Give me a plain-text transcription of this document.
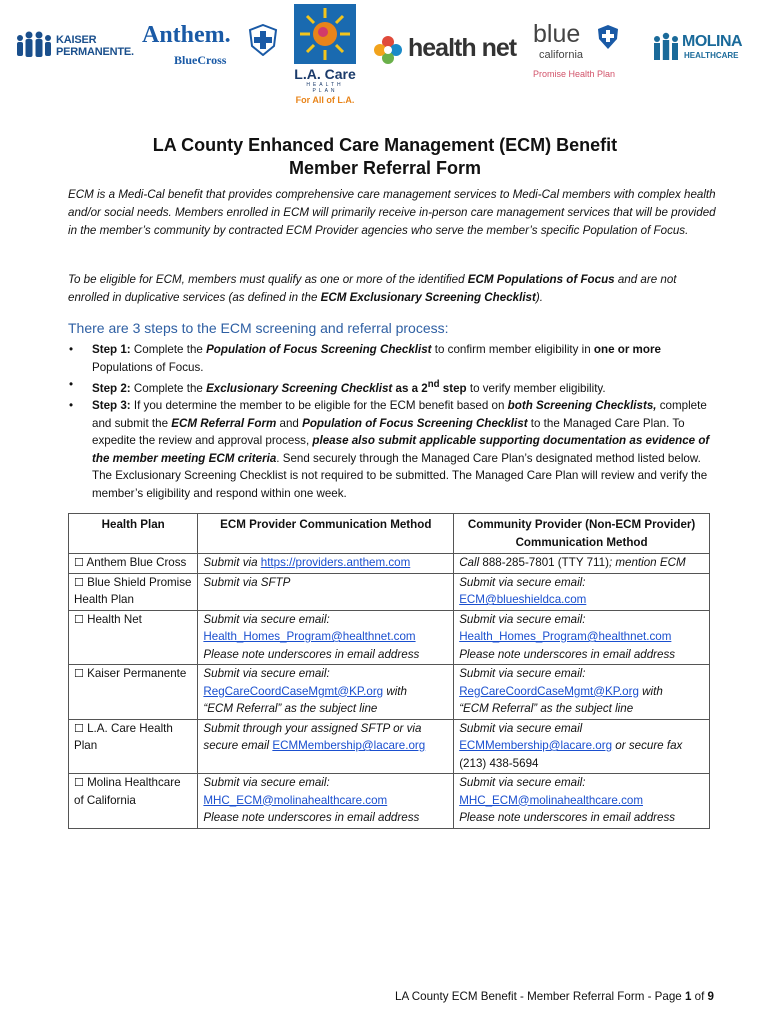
KAISER
PERMANENTE.
Anthem.
BlueCross
L.A. Care
HEALTH PLAN
For All of L.A.
health net blue
california
Promise Health Plan
MOLINA
HEALTHCARE
LA County Enhanced Care Management (ECM) Benefit
Member Referral Form

ECM is a Medi-Cal benefit that provides comprehensive care management services to Medi-Cal members with complex health and/or social needs. Members enrolled in ECM will primarily receive in-person care management services that will be provided in the member’s community by contracted ECM Provider agencies who serve the member’s specific Population of Focus.

To be eligible for ECM, members must qualify as one or more of the identified ECM Populations of Focus and are not enrolled in duplicative services (as defined in the ECM Exclusionary Screening Checklist).

There are 3 steps to the ECM screening and referral process:

• Step 1: Complete the Population of Focus Screening Checklist to confirm member eligibility in one or more Populations of Focus.
• Step 2: Complete the Exclusionary Screening Checklist as a 2nd step to verify member eligibility.
• Step 3: If you determine the member to be eligible for the ECM benefit based on both Screening Checklists, complete and submit the ECM Referral Form and Population of Focus Screening Checklist to the Managed Care Plan. To expedite the review and approval process, please also submit applicable supporting documentation as evidence of the member meeting ECM criteria. Send securely through the Managed Care Plan’s designated method listed below. The Exclusionary Screening Checklist is not required to be submitted. The Managed Care Plan will review and verify the member’s eligibility and respond within one week.
Health Plan	ECM Provider Communication Method	Community Provider (Non-ECM Provider) Communication Method
☐ Anthem Blue Cross	Submit via https://providers.anthem.com	Call 888-285-7801 (TTY 711); mention ECM

☐ Blue Shield Promise Health Plan	Submit via SFTP	Submit via secure email:
ECM@blueshieldca.com
☐ Health Net	Submit via secure email:
Health_Homes_Program@healthnet.com
Please note underscores in email address	Submit via secure email:
Health_Homes_Program@healthnet.com
Please note underscores in email address

☐ Kaiser Permanente	Submit via secure email:
RegCareCoordCaseMgmt@KP.org with
“ECM Referral” as the subject line	Submit via secure email:
RegCareCoordCaseMgmt@KP.org with
“ECM Referral” as the subject line

☐ L.A. Care Health Plan	Submit through your assigned SFTP or via secure email ECMMembership@lacare.org	Submit via secure email
ECMMembership@lacare.org or secure fax
(213) 438-5694
☐ Molina Healthcare of California	Submit via secure email:
MHC_ECM@molinahealthcare.com
Please note underscores in email address	Submit via secure email:
MHC_ECM@molinahealthcare.com
Please note underscores in email address
LA County ECM Benefit - Member Referral Form - Page 1 of 9
